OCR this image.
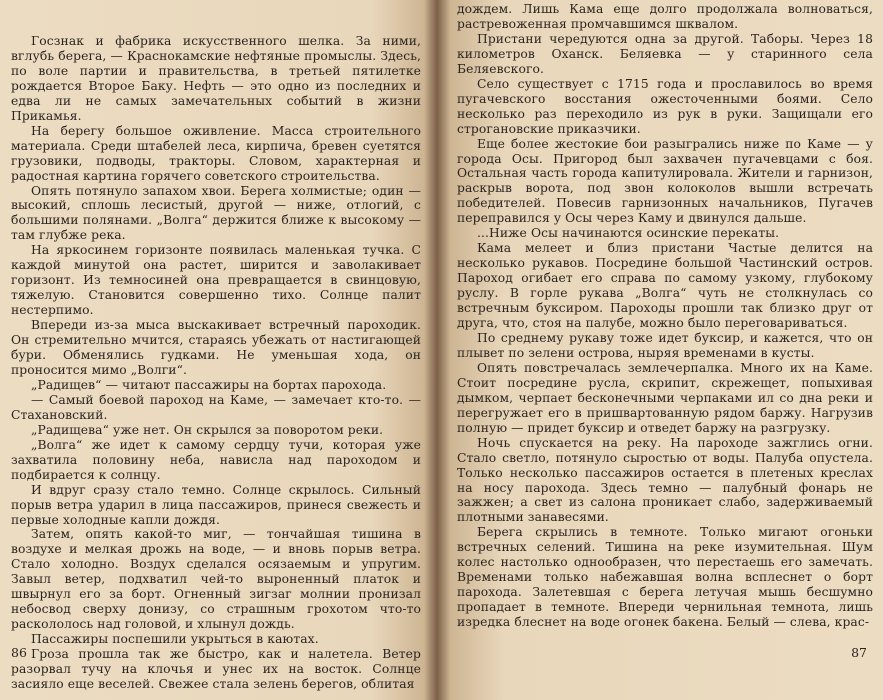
Госзнак и фабрика искусственного шелка. За ними, вглубь берега, — Краснокамские нефтяные промыслы. Здесь, по воле партии и правительства, в третьей пятилетке рождается Второе Баку. Нефть — это одно из последних и едва ли не самых замечательных событий в жизни Прикамья.

На берегу большое оживление. Масса строительного материала. Среди штабелей леса, кирпича, бревен суетятся грузовики, подводы, тракторы. Словом, характерная и радостная картина горячего советского строительства.

Опять потянуло запахом хвои. Берега холмистые; один — высокий, сплошь лесистый, другой — ниже, отлогий, с большими полянами. „Волга“ держится ближе к высокому — там глубже река.

На яркосинем горизонте появилась маленькая тучка. С каждой минутой она растет, ширится и заволакивает горизонт. Из темносиней она превращается в свинцовую, тяжелую. Становится совершенно тихо. Солнце палит нестерпимо.

Впереди из-за мыса выскакивает встречный пароходик. Он стремительно мчится, стараясь убежать от настигающей бури. Обменялись гудками. Не уменьшая хода, он проносится мимо „Волги“.

„Радищев“ — читают пассажиры на бортах парохода.

— Самый боевой пароход на Каме, — замечает кто-то. — Стахановский.

„Радищева“ уже нет. Он скрылся за поворотом реки.

„Волга“ же идет к самому сердцу тучи, которая уже захватила половину неба, нависла над пароходом и подбирается к солнцу.

И вдруг сразу стало темно. Солнце скрылось. Сильный порыв ветра ударил в лица пассажиров, принеся свежесть и первые холодные капли дождя.

Затем, опять какой-то миг, — тончайшая тишина в воздухе и мелкая дрожь на воде, — и вновь порыв ветра. Стало холодно. Воздух сделался осязаемым и упругим. Завыл ветер, подхватил чей-то выроненный платок и швырнул его за борт. Огненный зигзаг молнии пронизал небосвод сверху донизу, со страшным грохотом что-то раскололось над головой, и хлынул дождь.

Пассажиры поспешили укрыться в каютах.

Гроза прошла так же быстро, как и налетела. Ветер разорвал тучу на клочья и унес их на восток. Солнце засияло еще веселей. Свежее стала зелень берегов, облитая

86

дождем. Лишь Кама еще долго продолжала волноваться, растревоженная промчавшимся шквалом.

Пристани чередуются одна за другой. Таборы. Через 18 километров Оханск. Беляевка — у старинного села Беляевского.

Село существует с 1715 года и прославилось во время пугачевского восстания ожесточенными боями. Село несколько раз переходило из рук в руки. Защищали его строгановские приказчики.

Еще более жестокие бои разыгрались ниже по Каме — у города Осы. Пригород был захвачен пугачевцами с боя. Остальная часть города капитулировала. Жители и гарнизон, раскрыв ворота, под звон колоколов вышли встречать победителей. Повесив гарнизонных начальников, Пугачев переправился у Осы через Каму и двинулся дальше.

...Ниже Осы начинаются осинские перекаты.

Кама мелеет и близ пристани Частые делится на несколько рукавов. Посредине большой Частинский остров. Пароход огибает его справа по самому узкому, глубокому руслу. В горле рукава „Волга“ чуть не столкнулась со встречным буксиром. Пароходы прошли так близко друг от друга, что, стоя на палубе, можно было переговариваться.

По среднему рукаву тоже идет буксир, и кажется, что он плывет по зелени острова, ныряя временами в кусты.

Опять повстречалась землечерпалка. Много их на Каме. Стоит посредине русла, скрипит, скрежещет, попыхивая дымком, черпает бесконечными черпаками ил со дна реки и перегружает его в пришвартованную рядом баржу. Нагрузив полную — придет буксир и отведет баржу на разгрузку.

Ночь спускается на реку. На пароходе зажглись огни. Стало светло, потянуло сыростью от воды. Палуба опустела. Только несколько пассажиров остается в плетеных креслах на носу парохода. Здесь темно — палубный фонарь не зажжен; а свет из салона проникает слабо, задерживаемый плотными занавесями.

Берега скрылись в темноте. Только мигают огоньки встречных селений. Тишина на реке изумительная. Шум колес настолько однообразен, что перестаешь его замечать. Временами только набежавшая волна всплеснет о борт парохода. Залетевшая с берега летучая мышь бесшумно пропадает в темноте. Впереди чернильная темнота, лишь изредка блеснет на воде огонек бакена. Белый — слева, крас-

87
